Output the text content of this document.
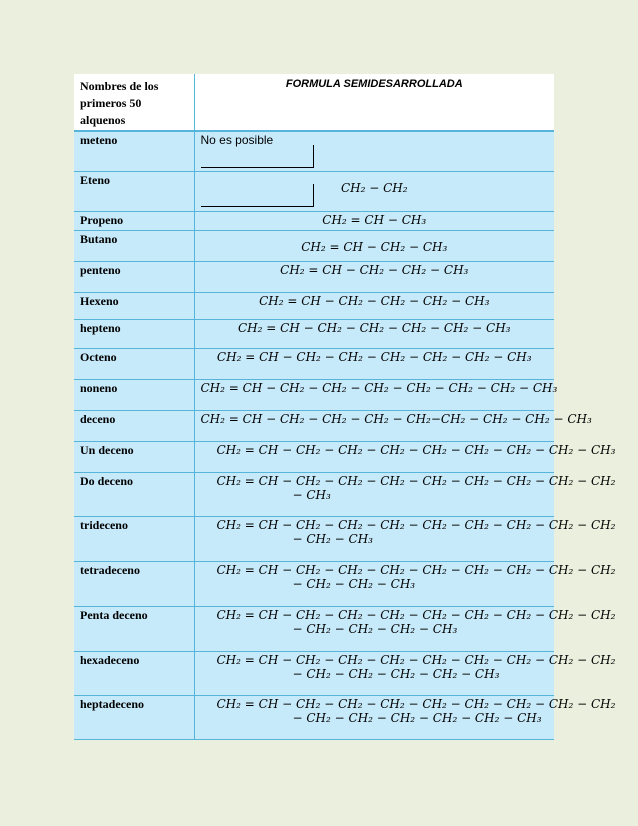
Nombres de los primeros 50 alquenos	FORMULA SEMIDESARROLLADA
meteno	No es posible
Eteno	CH₂ − CH₂

Propeno	CH₂ = CH − CH₃
Butano	CH₂ = CH − CH₂ − CH₃

penteno	CH₂ = CH − CH₂ − CH₂ − CH₃
Hexeno	CH₂ = CH − CH₂ − CH₂ − CH₂ − CH₃
hepteno	CH₂ = CH − CH₂ − CH₂ − CH₂ − CH₂ − CH₃
Octeno	CH₂ = CH − CH₂ − CH₂ − CH₂ − CH₂ − CH₂ − CH₃
noneno	CH₂ = CH − CH₂ − CH₂ − CH₂ − CH₂ − CH₂ − CH₂ − CH₃
deceno	CH₂ = CH − CH₂ − CH₂ − CH₂ − CH₂−CH₂ − CH₂ − CH₂ − CH₃
Un deceno	CH₂ = CH − CH₂ − CH₂ − CH₂ − CH₂ − CH₂ − CH₂ − CH₂ − CH₃
Do deceno	CH₂ = CH − CH₂ − CH₂ − CH₂ − CH₂ − CH₂ − CH₂ − CH₂ − CH₂
− CH₃

trideceno	CH₂ = CH − CH₂ − CH₂ − CH₂ − CH₂ − CH₂ − CH₂ − CH₂ − CH₂
− CH₂ − CH₃

tetradeceno	CH₂ = CH − CH₂ − CH₂ − CH₂ − CH₂ − CH₂ − CH₂ − CH₂ − CH₂
− CH₂ − CH₂ − CH₃

Penta deceno	CH₂ = CH − CH₂ − CH₂ − CH₂ − CH₂ − CH₂ − CH₂ − CH₂ − CH₂
− CH₂ − CH₂ − CH₂ − CH₃

hexadeceno	CH₂ = CH − CH₂ − CH₂ − CH₂ − CH₂ − CH₂ − CH₂ − CH₂ − CH₂
− CH₂ − CH₂ − CH₂ − CH₂ − CH₃

heptadeceno	CH₂ = CH − CH₂ − CH₂ − CH₂ − CH₂ − CH₂ − CH₂ − CH₂ − CH₂
− CH₂ − CH₂ − CH₂ − CH₂ − CH₂ − CH₃
